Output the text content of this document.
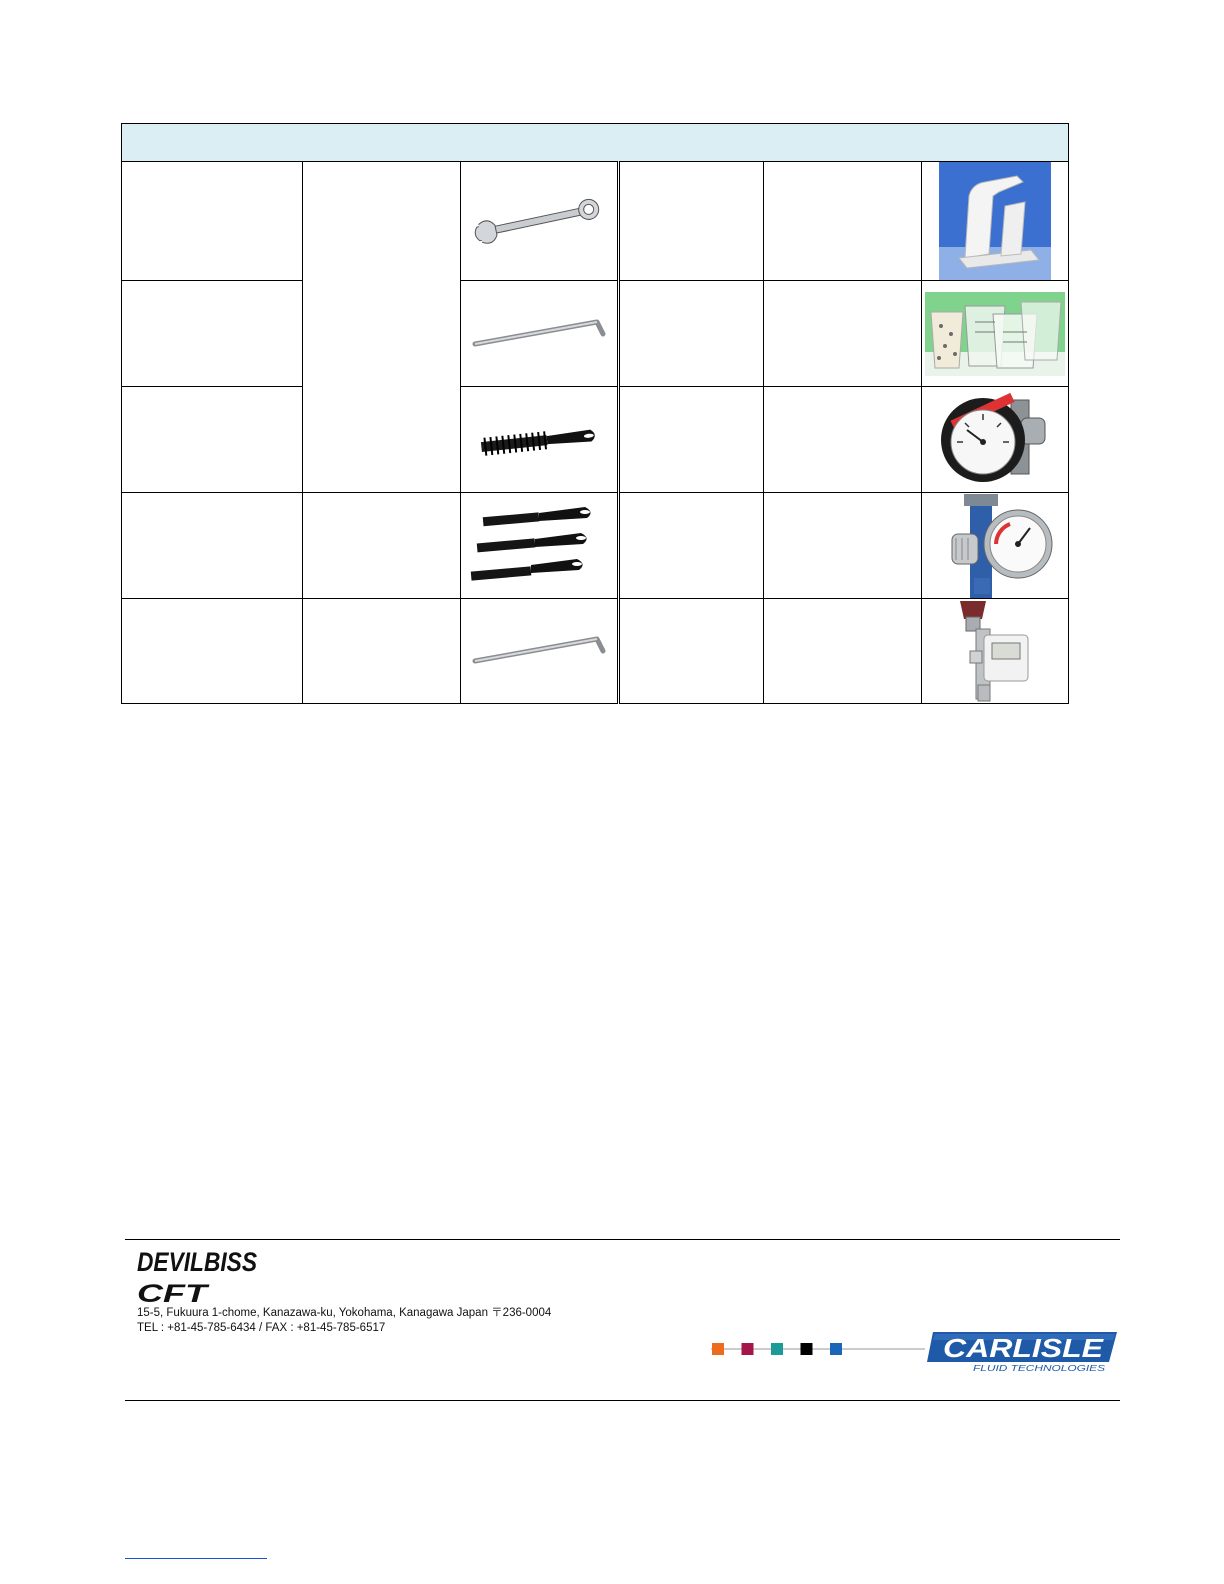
DEVILBISS
CFT
15-5, Fukuura 1-chome, Kanazawa-ku, Yokohama, Kanagawa Japan 〒236-0004
TEL : +81-45-785-6434 / FAX : +81-45-785-6517
CARLISLE
FLUID TECHNOLOGIES
